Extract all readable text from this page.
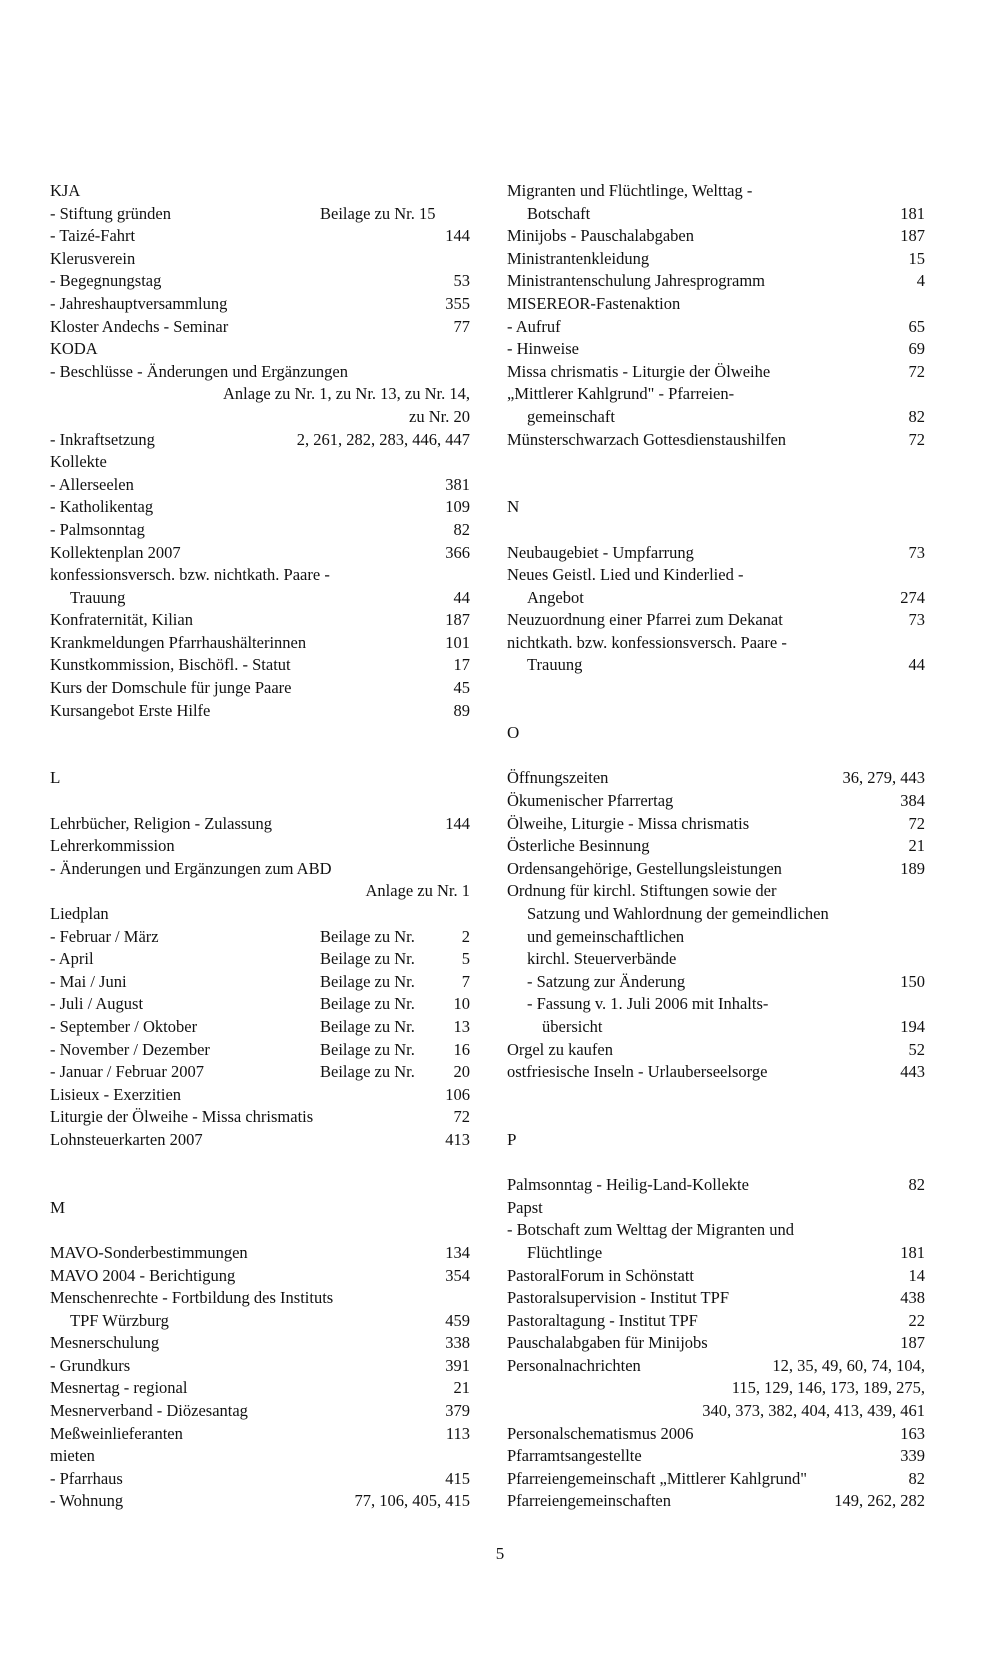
KJA
- Stiftung gründen	Beilage zu Nr. 15
- Taizé-Fahrt	144
Klerusverein
- Begegnungstag	53
- Jahreshauptversammlung	355
Kloster Andechs - Seminar	77
KODA
- Beschlüsse - Änderungen und Ergänzungen
Anlage zu Nr. 1, zu Nr. 13, zu Nr. 14,
zu Nr. 20
- Inkraftsetzung	2, 261, 282, 283, 446, 447
Kollekte
- Allerseelen	381
- Katholikentag	109
- Palmsonntag	82
Kollektenplan 2007	366
konfessionsversch. bzw. nichtkath. Paare -
Trauung	44
Konfraternität, Kilian	187
Krankmeldungen Pfarrhaushälterinnen	101
Kunstkommission, Bischöfl. - Statut	17
Kurs der Domschule für junge Paare	45
Kursangebot Erste Hilfe	89
L
Lehrbücher, Religion - Zulassung	144
Lehrerkommission
- Änderungen und Ergänzungen zum ABD
Anlage zu Nr. 1
Liedplan
- Februar / März	Beilage zu Nr.	2
- April	Beilage zu Nr.	5
- Mai / Juni	Beilage zu Nr.	7
- Juli / August	Beilage zu Nr. 10
- September / Oktober	Beilage zu Nr. 13
- November / Dezember	Beilage zu Nr. 16
- Januar / Februar 2007	Beilage zu Nr. 20
Lisieux - Exerzitien	106
Liturgie der Ölweihe - Missa chrismatis	72
Lohnsteuerkarten 2007	413
M
MAVO-Sonderbestimmungen	134
MAVO 2004 - Berichtigung	354
Menschenrechte - Fortbildung des Instituts
TPF Würzburg	459
Mesnerschulung	338
- Grundkurs	391
Mesnertag - regional	21
Mesnerverband - Diözesantag	379
Meßweinlieferanten	113
mieten
- Pfarrhaus	415
- Wohnung	77, 106, 405, 415
Migranten und Flüchtlinge, Welttag -
Botschaft	181
Minijobs - Pauschalabgaben	187
Ministrantenkleidung	15
Ministrantenschulung Jahresprogramm	4
MISEREOR-Fastenaktion
- Aufruf	65
- Hinweise	69
Missa chrismatis - Liturgie der Ölweihe	72
„Mittlerer Kahlgrund" - Pfarreien-
gemeinschaft	82
Münsterschwarzach Gottesdienstaushilfen	72
N
Neubaugebiet - Umpfarrung	73
Neues Geistl. Lied und Kinderlied -
Angebot	274
Neuzuordnung einer Pfarrei zum Dekanat	73
nichtkath. bzw. konfessionsversch. Paare -
Trauung	44
O
Öffnungszeiten	36, 279, 443
Ökumenischer Pfarrertag	384
Ölweihe, Liturgie - Missa chrismatis	72
Österliche Besinnung	21
Ordensangehörige, Gestellungsleistungen	189
Ordnung für kirchl. Stiftungen sowie der
Satzung und Wahlordnung der gemeindlichen
und gemeinschaftlichen
kirchl. Steuerverbände
- Satzung zur Änderung	150
- Fassung v. 1. Juli 2006 mit Inhalts-
übersicht	194
Orgel zu kaufen	52
ostfriesische Inseln - Urlauberseelsorge	443
P
Palmsonntag - Heilig-Land-Kollekte	82
Papst
- Botschaft zum Welttag der Migranten und
Flüchtlinge	181
PastoralForum in Schönstatt	14
Pastoralsupervision - Institut TPF	438
Pastoraltagung - Institut TPF	22
Pauschalabgaben für Minijobs	187
Personalnachrichten	12, 35, 49, 60, 74, 104,
115, 129, 146, 173, 189, 275,
340, 373, 382, 404, 413, 439, 461
Personalschematismus 2006	163
Pfarramtsangestellte	339
Pfarreiengemeinschaft „Mittlerer Kahlgrund"	82
Pfarreiengemeinschaften	149, 262, 282
5
